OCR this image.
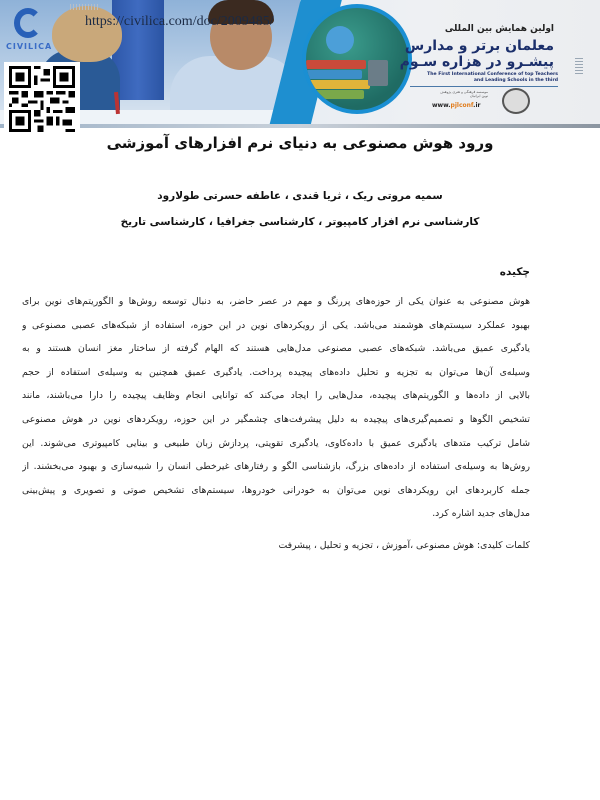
اولین همایش بین المللی
معلمان برتر و مدارس
پیشـرو در هزاره سـوم
The First International Conference of top Teachers
and Leading Schools in the third
موسسه فرهنگی و هنری پژوهش نوین ایرانیان
www.pjlconf.ir
CIVILICA
https://civilica.com/doc/2009485/
ورود هوش مصنوعی به دنیای نرم افزارهای آموزشی
سمیه مروتی ریک ، ثریا قندی ، عاطفه حسرتی طولارود
کارشناسی نرم افزار کامپیوتر ، کارشناسی جغرافیا ، کارشناسی تاریخ
چکیده
هوش مصنوعی به عنوان یکی از حوزه‌های پررنگ و مهم در عصر حاضر، به دنبال توسعه روش‌ها و الگوریتم‌های نوین برای
بهبود عملکرد سیستم‌های هوشمند می‌باشد. یکی از رویکردهای نوین در این حوزه، استفاده از شبکه‌های عصبی مصنوعی و
یادگیری عمیق می‌باشد. شبکه‌های عصبی مصنوعی مدل‌هایی هستند که الهام گرفته از ساختار مغز انسان هستند و به
وسیله‌ی آن‌ها می‌توان به تجزیه و تحلیل داده‌های پیچیده پرداخت. یادگیری عمیق همچنین به وسیله‌ی استفاده از حجم
بالایی از داده‌ها و الگوریتم‌های پیچیده، مدل‌هایی را ایجاد می‌کند که توانایی انجام وظایف پیچیده را دارا می‌باشند، مانند
تشخیص الگوها و تصمیم‌گیری‌های پیچیده به دلیل پیشرفت‌های چشمگیر در این حوزه، رویکردهای نوین در هوش مصنوعی
شامل ترکیب متدهای یادگیری عمیق با داده‌کاوی، یادگیری تقویتی، پردازش زبان طبیعی و بینایی کامپیوتری می‌شوند. این
روش‌ها به وسیله‌ی استفاده از داده‌های بزرگ، بازشناسی الگو و رفتارهای غیرخطی انسان را شبیه‌سازی و بهبود می‌بخشند. از
جمله کاربردهای این رویکردهای نوین می‌توان به خودرانی خودروها، سیستم‌های تشخیص صوتی و تصویری و پیش‌بینی
مدل‌های جدید اشاره کرد.
کلمات کلیدی: هوش مصنوعی ،آموزش ، تجزیه و تحلیل ، پیشرفت
